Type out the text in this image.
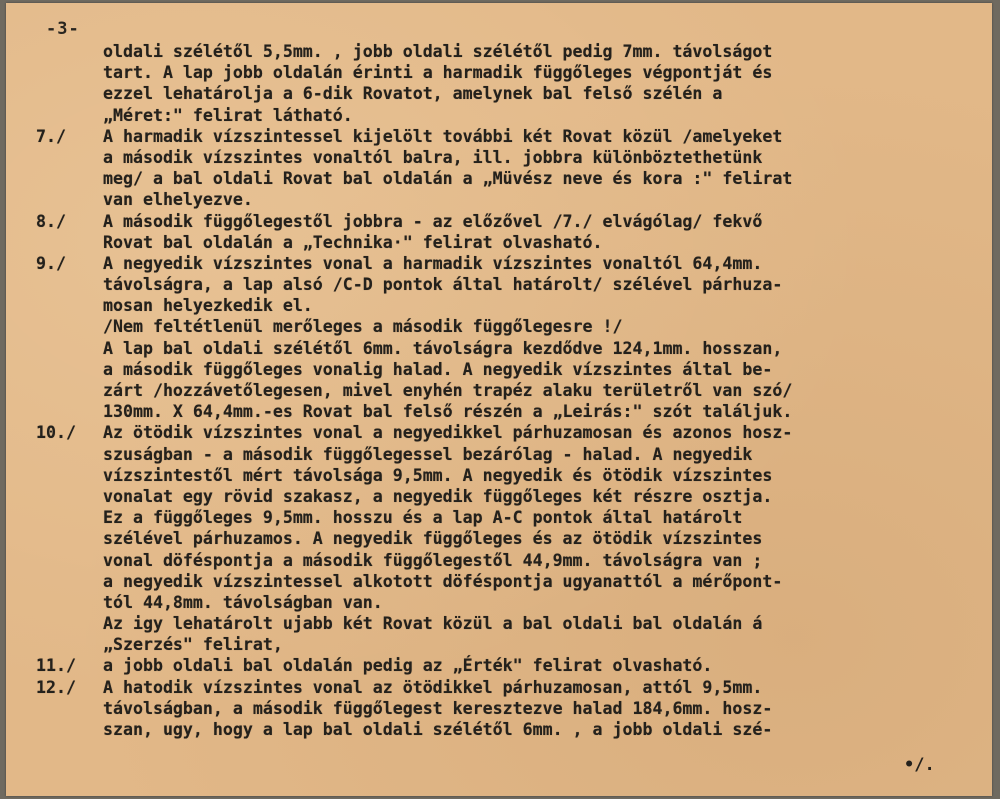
-3-
oldali szélétől 5,5mm. , jobb oldali szélétől pedig 7mm. távolságot
tart. A lap jobb oldalán érinti a harmadik függőleges végpontját és
ezzel lehatárolja a 6-dik Rovatot, amelynek bal felső szélén a
„Méret:" felirat látható.
7./ A harmadik vízszintessel kijelölt további két Rovat közül /amelyeket
a második vízszintes vonaltól balra, ill. jobbra különböztethetünk
meg/ a bal oldali Rovat bal oldalán a „Müvész neve és kora :" felirat
van elhelyezve.
8./ A második függőlegestől jobbra - az előzővel /7./ elvágólag/ fekvő
Rovat bal oldalán a „Technika·" felirat olvasható.
9./ A negyedik vízszintes vonal a harmadik vízszintes vonaltól 64,4mm.
távolságra, a lap alsó /C-D pontok által határolt/ szélével párhuza-
mosan helyezkedik el.
/Nem feltétlenül merőleges a második függőlegesre !/
A lap bal oldali szélétől 6mm. távolságra kezdődve 124,1mm. hosszan,
a második függőleges vonalig halad. A negyedik vízszintes által be-
zárt /hozzávetőlegesen, mivel enyhén trapéz alaku területről van szó/
130mm. X 64,4mm.-es Rovat bal felső részén a „Leirás:" szót találjuk.
10./ Az ötödik vízszintes vonal a negyedikkel párhuzamosan és azonos hosz-
szuságban - a második függőlegessel bezárólag - halad. A negyedik
vízszintestől mért távolsága 9,5mm. A negyedik és ötödik vízszintes
vonalat egy rövid szakasz, a negyedik függőleges két részre osztja.
Ez a függőleges 9,5mm. hosszu és a lap A-C pontok által határolt
szélével párhuzamos. A negyedik függőleges és az ötödik vízszintes
vonal döféspontja a második függőlegestől 44,9mm. távolságra van ;
a negyedik vízszintessel alkotott döféspontja ugyanattól a mérőpont-
tól 44,8mm. távolságban van.
Az igy lehatárolt ujabb két Rovat közül a bal oldali bal oldalán á
„Szerzés" felirat,
11./ a jobb oldali bal oldalán pedig az „Érték" felirat olvasható.
12./ A hatodik vízszintes vonal az ötödikkel párhuzamosan, attól 9,5mm.
távolságban, a második függőlegest keresztezve halad 184,6mm. hosz-
szan, ugy, hogy a lap bal oldali szélétől 6mm. , a jobb oldali szé-
•/.
